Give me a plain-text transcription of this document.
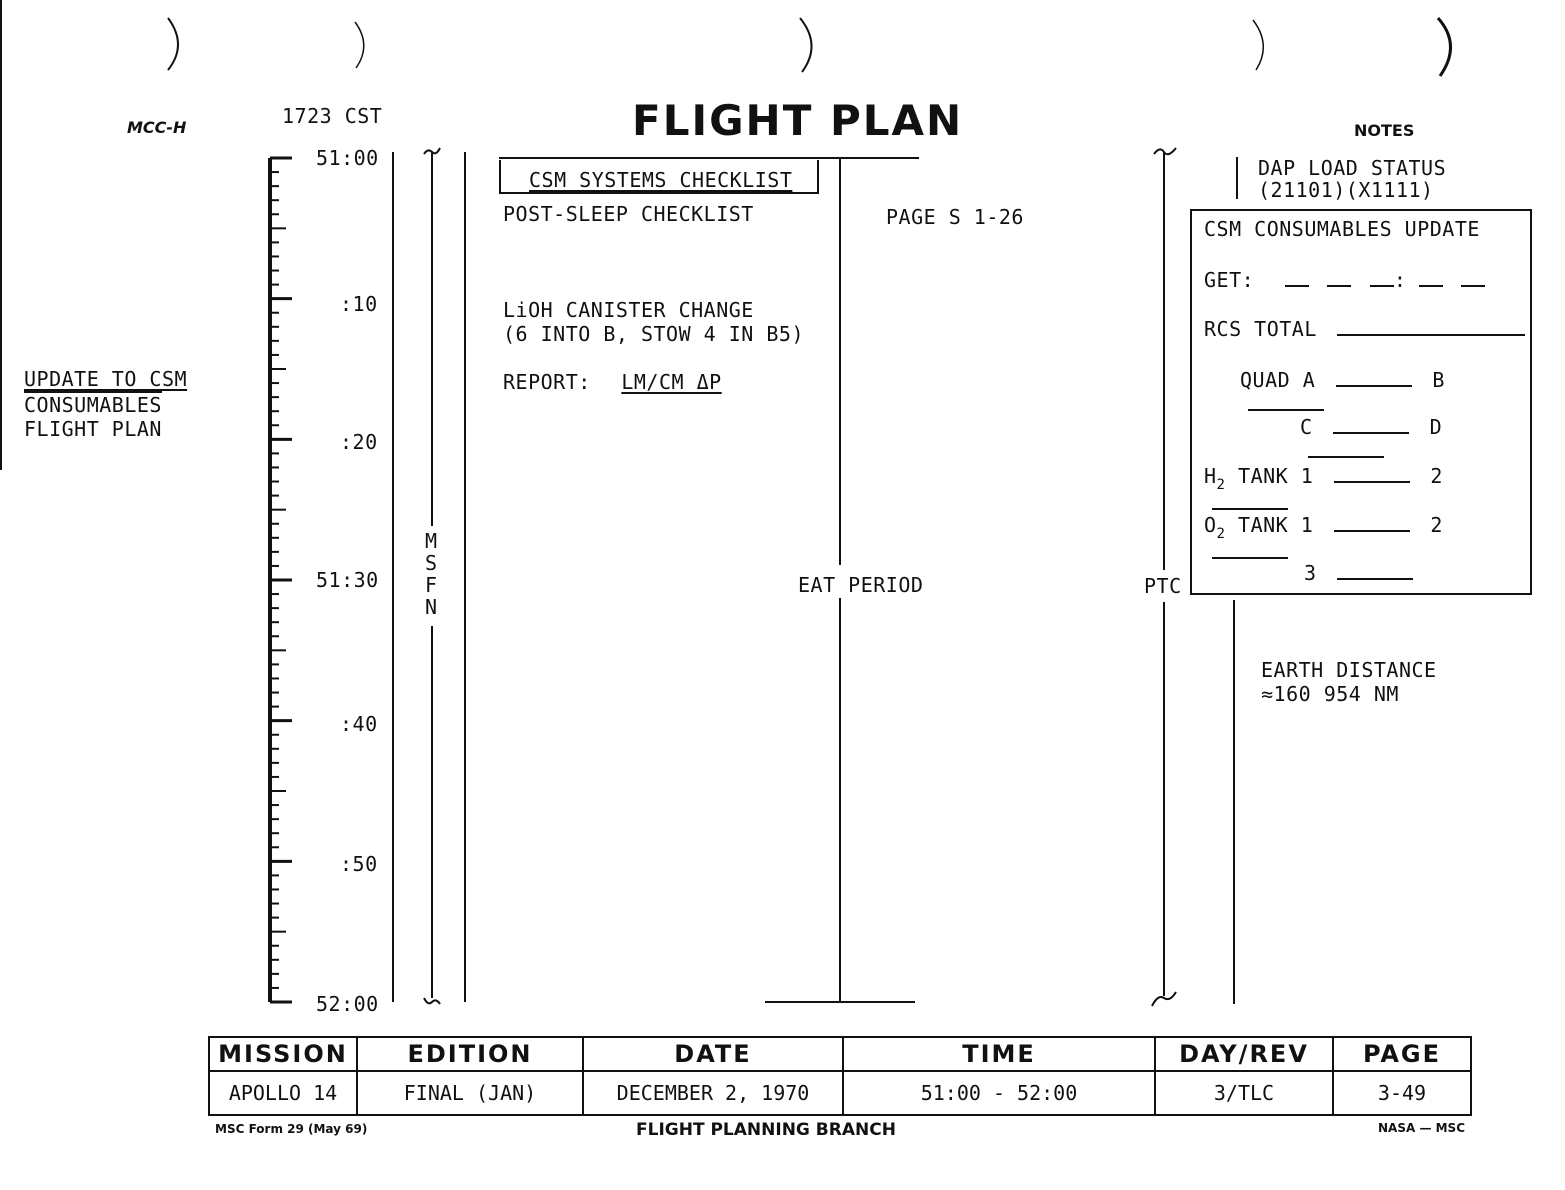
MCC-H	1723 CST	FLIGHT PLAN	NOTES
UPDATE TO CSM
CONSUMABLES
FLIGHT PLAN
51:00
:10
:20
51:30
:40
:50
52:00
M
S
F
N
CSM SYSTEMS CHECKLIST
POST-SLEEP CHECKLIST	PAGE S 1-26
LiOH CANISTER CHANGE
(6 INTO B, STOW 4 IN B5)
REPORT: LM/CM ΔP
EAT PERIOD	PTC
DAP LOAD STATUS
(21101)(X1111)
CSM CONSUMABLES UPDATE
GET:	:
RCS TOTAL
QUAD A	B
C	D
$H_2$ TANK 1	2
$O_2$ TANK 1	2
3
EARTH DISTANCE
≈160 954 NM
MISSION	EDITION	DATE	TIME	DAY/REV	PAGE
APOLLO 14	FINAL (JAN)	DECEMBER 2, 1970	51:00 - 52:00	3/TLC	3-49
MSC Form 29 (May 69)	FLIGHT PLANNING BRANCH	NASA — MSC
